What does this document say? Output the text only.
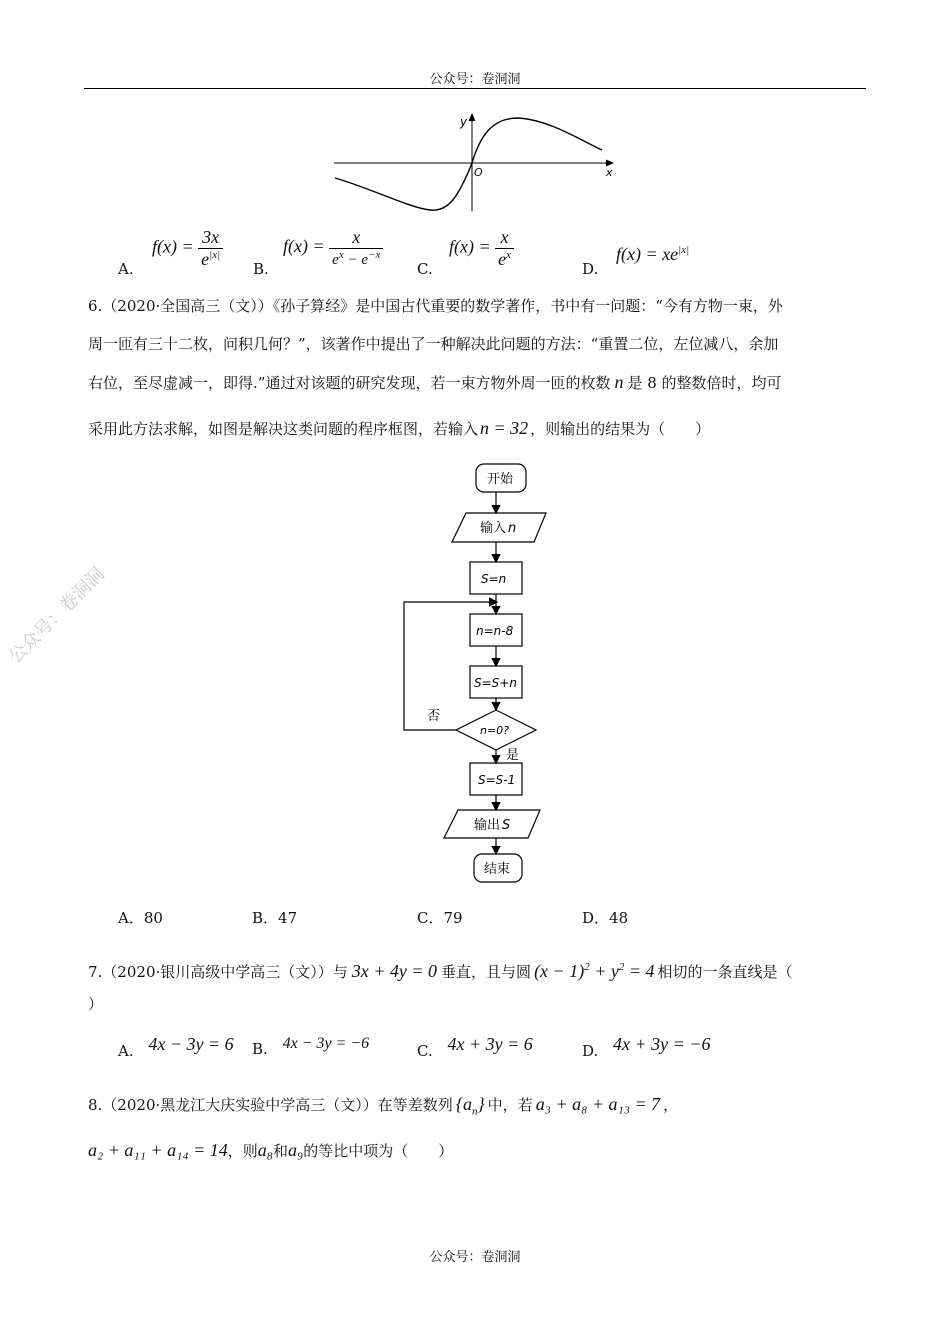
公众号：卷洞洞
公众号：卷洞洞
公众号：卷洞洞
y
O	x
A.
$f(x) = \frac{3x}{e^{|x|}} B$.
$f(x) = \frac{x}{e^x - e^{-x}} C$.
$f(x) = \frac{x}{e^x}$	D.
$f(x) = xe^{|x|}$
6.（2020·全国高三（文））《孙子算经》是中国古代重要的数学著作，书中有一问题：“今有方物一束，外
周一匝有三十二枚，问积几何？”，该著作中提出了一种解决此问题的方法：“重置二位，左位减八，余加
右位，至尽虚减一，即得.”通过对该题的研究发现，若一束方物外周一匝的枚数 n 是 8 的整数倍时，均可
采用此方法求解，如图是解决这类问题的程序框图，若输入 n = 32 ，则输出的结果为（　　）
开始
输入 n
S=n
n=n-8
S=S+n
n=0?
否
是
S=S-1
输出 S
结束
A．80	B．47	C．79	D．48
7.（2020·银川高级中学高三（文））与 3x + 4y = 0 垂直，且与圆 $(x - 1)^2 + y^2 = 4$ 相切的一条直线是（
）
A. 4x − 3y = 6 B. 4x − 3y = −6	C. 4x + 3y = 6	D. 4x + 3y = −6
8.（2020·黑龙江大庆实验中学高三（文））在等差数列 $\{a_n\}$ 中，若 a₃ + a₈ + a₁₃ = 7 ，
a₂ + a₁₁ + a₁₄ = 14，则a₈和a₉的等比中项为（　　）
